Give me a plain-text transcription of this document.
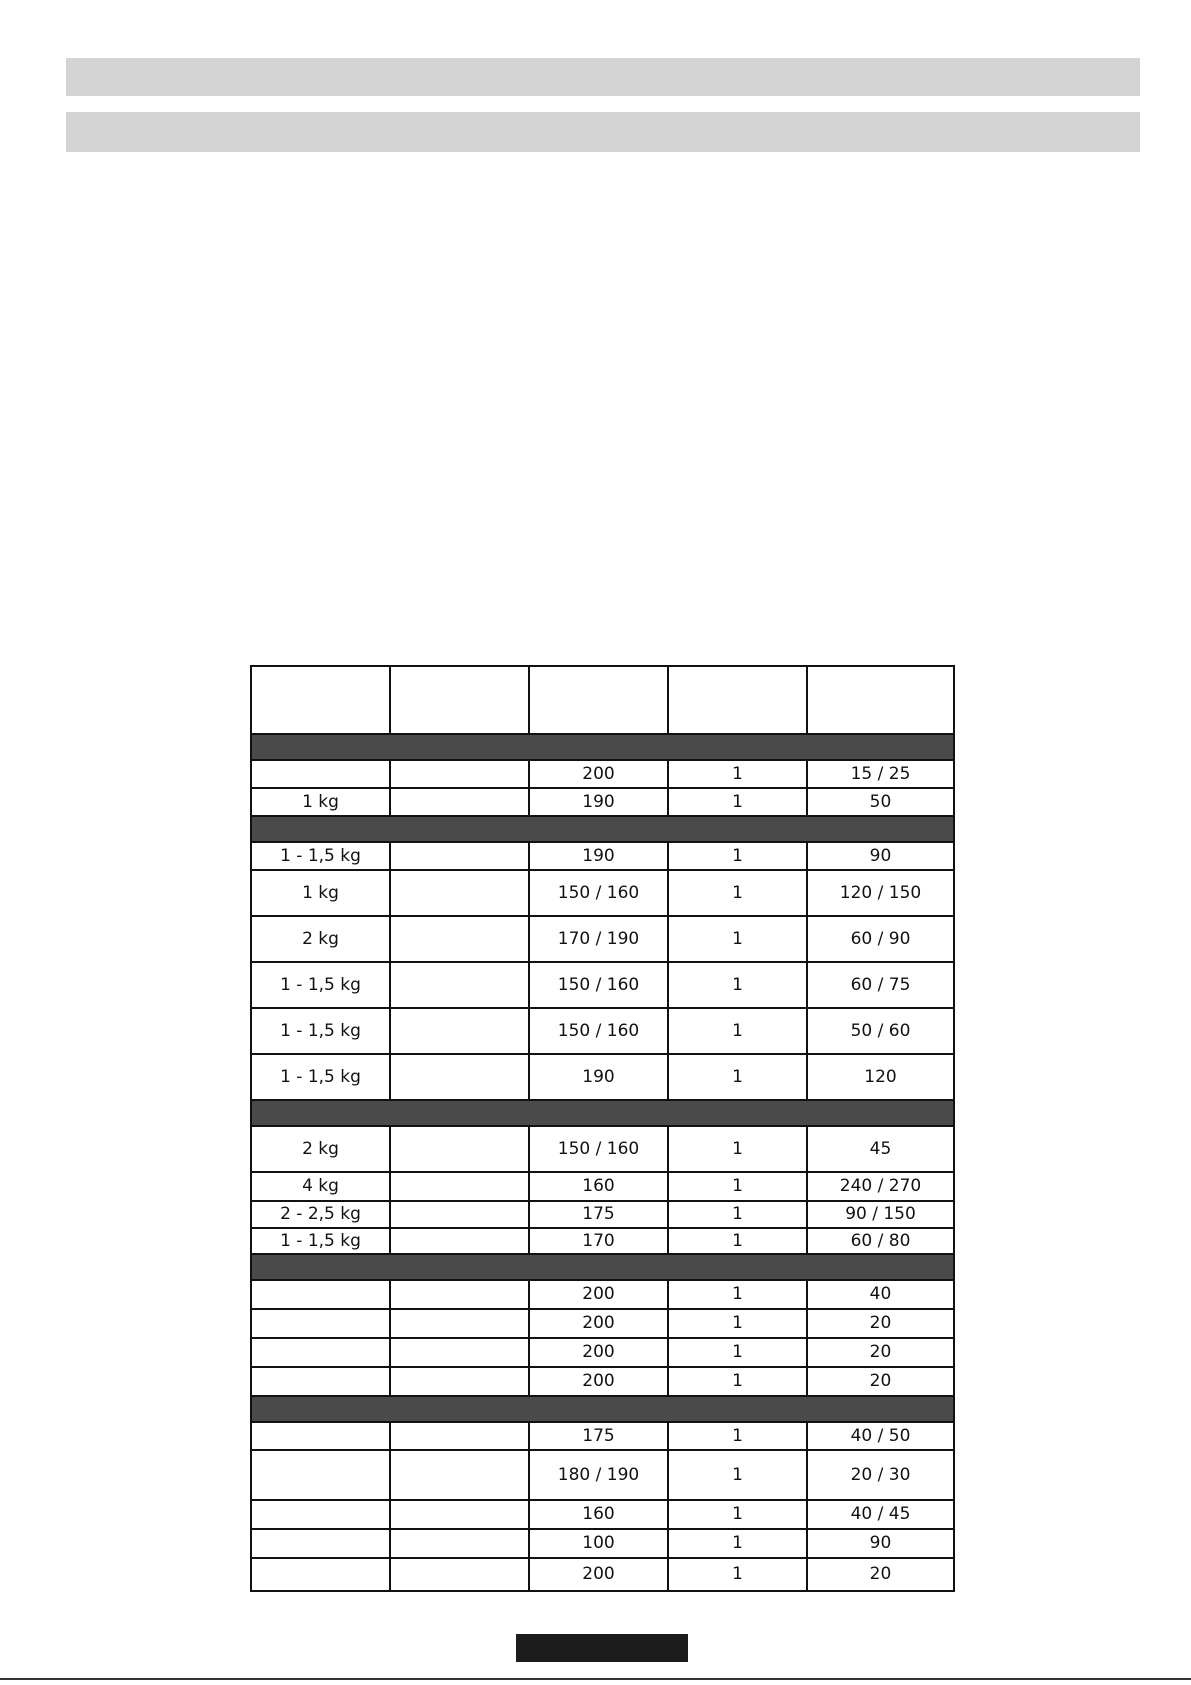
		200	1	15 / 25
1 kg		190	1	50

1 - 1,5 kg		190	1	90
1 kg		150 / 160	1	120 / 150
2 kg		170 / 190	1	60 / 90
1 - 1,5 kg		150 / 160	1	60 / 75
1 - 1,5 kg		150 / 160	1	50 / 60
1 - 1,5 kg		190	1	120

2 kg		150 / 160	1	45
4 kg		160	1	240 / 270
2 - 2,5 kg		175	1	90 / 150
1 - 1,5 kg		170	1	60 / 80

		200	1	40
		200	1	20
		200	1	20
		200	1	20

		175	1	40 / 50
		180 / 190	1	20 / 30
		160	1	40 / 45
		100	1	90
		200	1	20
